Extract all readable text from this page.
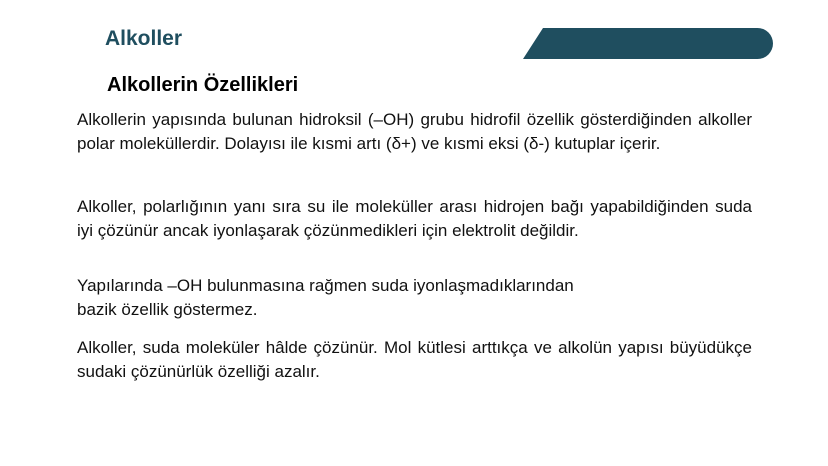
Alkoller
Alkollerin Özellikleri

Alkollerin yapısında bulunan hidroksil (–OH) grubu hidrofil özellik gösterdiğinden alkoller polar moleküllerdir. Dolayısı ile kısmi artı (δ+) ve kısmi eksi (δ-) kutuplar içerir.

Alkoller, polarlığının yanı sıra su ile moleküller arası hidrojen bağı yapabildiğinden suda iyi çözünür ancak iyonlaşarak çözünmedikleri için elektrolit değildir.

Yapılarında –OH bulunmasına rağmen suda iyonlaşmadıklarından
bazik özellik göstermez.

Alkoller, suda moleküler hâlde çözünür. Mol kütlesi arttıkça ve alkolün yapısı büyüdükçe sudaki çözünürlük özelliği azalır.
